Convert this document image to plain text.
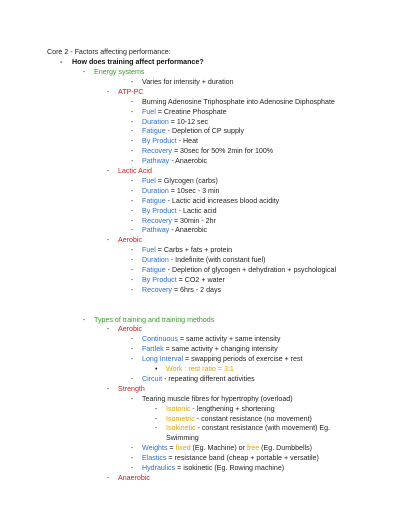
Core 2 - Factors affecting performance:
- How does training affect performance?
- Energy systems
- Varies for intensity + duration
- ATP-PC
- Burning Adenosine Triphosphate into Adenosine Diphosphate
- Fuel = Creatine Phosphate
- Duration = 10-12 sec
- Fatigue - Depletion of CP supply
- By Product - Heat
- Recovery = 30sec for 50% 2min for 100%
- Pathway - Anaerobic
- Lactic Acid
- Fuel = Glycogen (carbs)
- Duration = 10sec - 3 min
- Fatigue - Lactic acid increases blood acidity
- By Product - Lactic acid
- Recovery = 30min - 2hr
- Pathway - Anaerobic
- Aerobic
- Fuel = Carbs + fats + protein
- Duration - Indefinite (with constant fuel)
- Fatigue - Depletion of glycogen + dehydration + psychological
- By Product = CO2 + water
- Recovery = 6hrs - 2 days
- Types of training and training methods
- Aerobic
- Continuous = same activity + same intensity
- Fartlek = same activity + changing intensity
- Long Interval = swapping periods of exercise + rest
• Work : rest ratio = 3:1
- Circuit - repeating different activities
- Strength
- Tearing muscle fibres for hypertrophy (overload)
- Isotonic - lengthening + shortening
- Isometric - constant resistance (no movement)
- Isokinetic - constant resistance (with movement) Eg.
Swimming
- Weights = fixed (Eg. Machine) or free (Eg. Dumbbells)
- Elastics = resistance band (cheap + portable + versatile)
- Hydraulics = isokinetic (Eg. Rowing machine)
- Anaerobic
